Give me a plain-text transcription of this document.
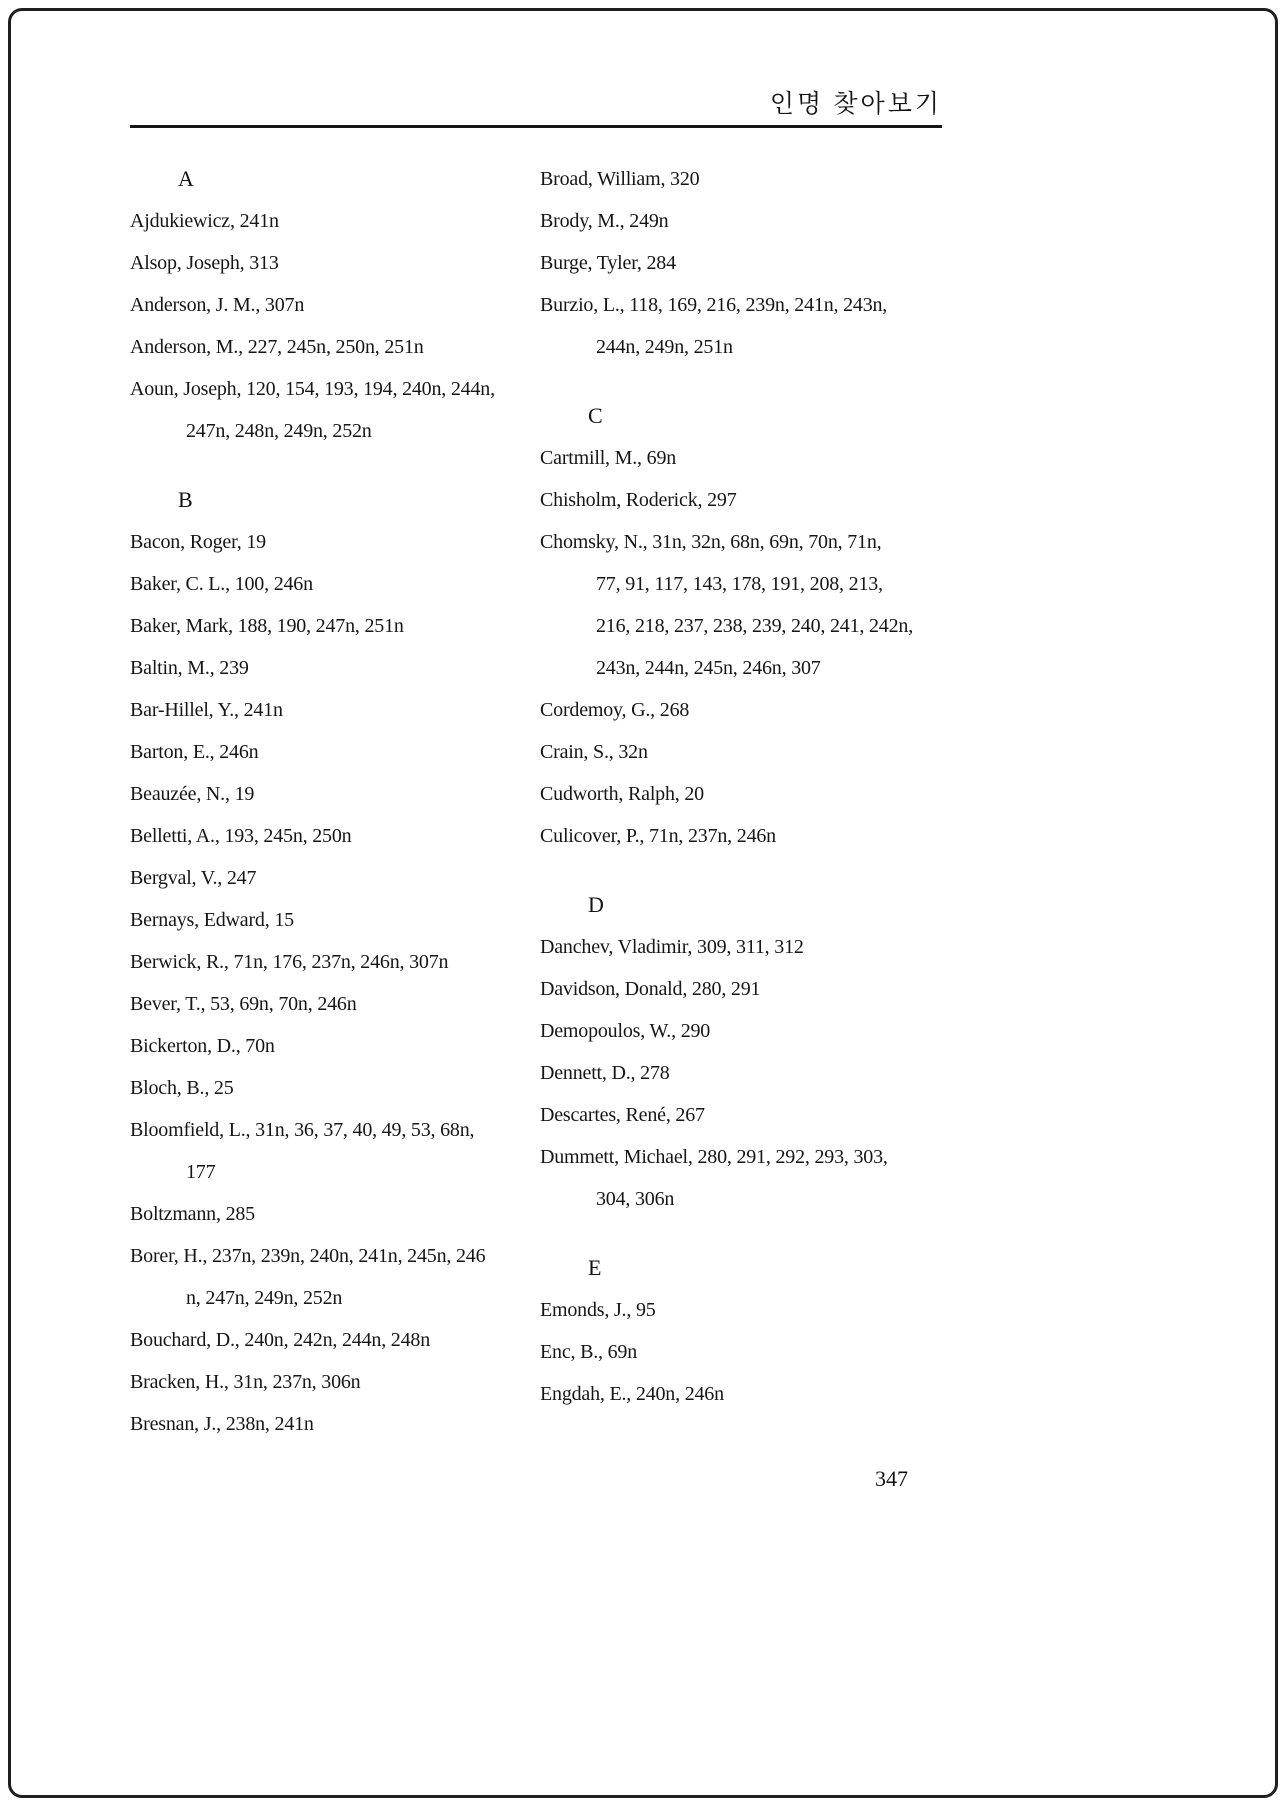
인명 찾아보기
A
Ajdukiewicz, 241n
Alsop, Joseph, 313
Anderson, J. M., 307n
Anderson, M., 227, 245n, 250n, 251n
Aoun, Joseph, 120, 154, 193, 194, 240n, 244n,
247n, 248n, 249n, 252n
B
Bacon, Roger, 19
Baker, C. L., 100, 246n
Baker, Mark, 188, 190, 247n, 251n
Baltin, M., 239
Bar-Hillel, Y., 241n
Barton, E., 246n
Beauzée, N., 19
Belletti, A., 193, 245n, 250n
Bergval, V., 247
Bernays, Edward, 15
Berwick, R., 71n, 176, 237n, 246n, 307n
Bever, T., 53, 69n, 70n, 246n
Bickerton, D., 70n
Bloch, B., 25
Bloomfield, L., 31n, 36, 37, 40, 49, 53, 68n,
177
Boltzmann, 285
Borer, H., 237n, 239n, 240n, 241n, 245n, 246
n, 247n, 249n, 252n
Bouchard, D., 240n, 242n, 244n, 248n
Bracken, H., 31n, 237n, 306n
Bresnan, J., 238n, 241n
Broad, William, 320
Brody, M., 249n
Burge, Tyler, 284
Burzio, L., 118, 169, 216, 239n, 241n, 243n,
244n, 249n, 251n
C
Cartmill, M., 69n
Chisholm, Roderick, 297
Chomsky, N., 31n, 32n, 68n, 69n, 70n, 71n,
77, 91, 117, 143, 178, 191, 208, 213,
216, 218, 237, 238, 239, 240, 241, 242n,
243n, 244n, 245n, 246n, 307
Cordemoy, G., 268
Crain, S., 32n
Cudworth, Ralph, 20
Culicover, P., 71n, 237n, 246n
D
Danchev, Vladimir, 309, 311, 312
Davidson, Donald, 280, 291
Demopoulos, W., 290
Dennett, D., 278
Descartes, René, 267
Dummett, Michael, 280, 291, 292, 293, 303,
304, 306n
E
Emonds, J., 95
Enc, B., 69n
Engdah, E., 240n, 246n
347
